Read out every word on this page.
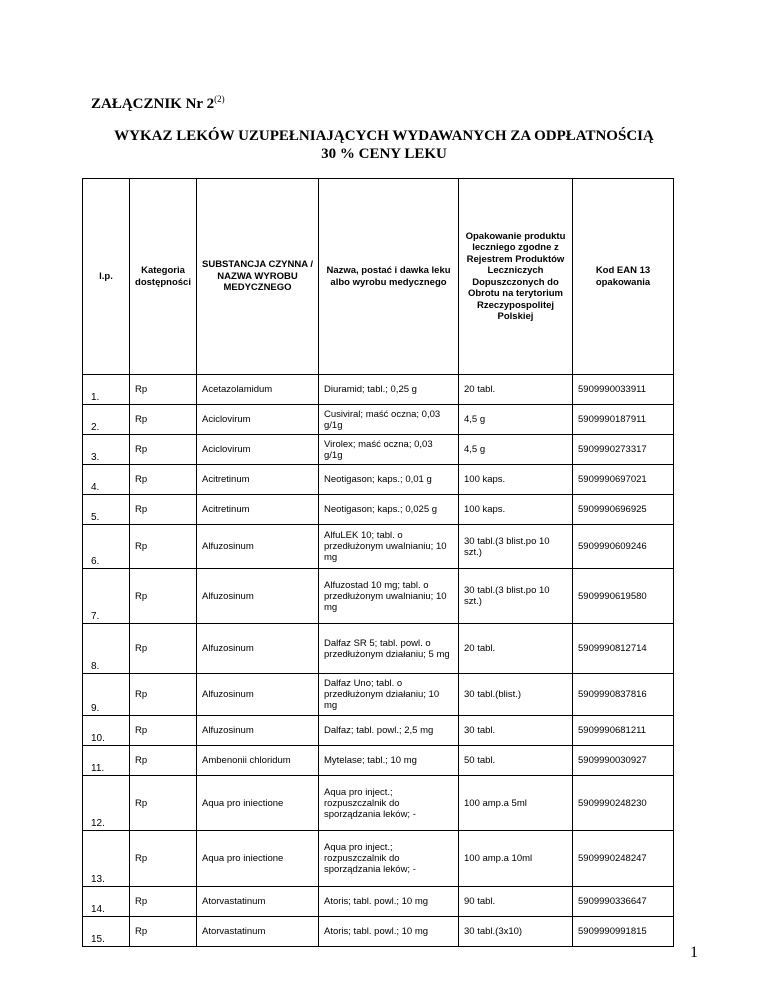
ZAŁĄCZNIK Nr 2$^{(2)}$
WYKAZ LEKÓW UZUPEŁNIAJĄCYCH WYDAWANYCH ZA ODPŁATNOŚCIĄ
30 % CENY LEKU
l.p.	Kategoria dostępności	SUBSTANCJA CZYNNA / NAZWA WYROBU MEDYCZNEGO	Nazwa, postać i dawka leku albo wyrobu medycznego	Opakowanie produktu leczniego zgodne z Rejestrem Produktów Leczniczych Dopuszczonych do Obrotu na terytorium Rzeczypospolitej Polskiej	Kod EAN 13 opakowania
1.	Rp	Acetazolamidum	Diuramid; tabl.; 0,25 g	20 tabl.	5909990033911
2.	Rp	Aciclovirum	Cusiviral; maść oczna; 0,03 g/1g	4,5 g	5909990187911
3.	Rp	Aciclovirum	Virolex; maść oczna; 0,03 g/1g	4,5 g	5909990273317
4.	Rp	Acitretinum	Neotigason; kaps.; 0,01 g	100 kaps.	5909990697021
5.	Rp	Acitretinum	Neotigason; kaps.; 0,025 g	100 kaps.	5909990696925
6.	Rp	Alfuzosinum	AlfuLEK 10; tabl. o przedłużonym uwalnianiu; 10 mg	30 tabl.(3 blist.po 10 szt.)	5909990609246
7.	Rp	Alfuzosinum	Alfuzostad 10 mg; tabl. o przedłużonym uwalnianiu; 10 mg	30 tabl.(3 blist.po 10 szt.)	5909990619580
8.	Rp	Alfuzosinum	Dalfaz SR 5; tabl. powl. o przedłużonym działaniu; 5 mg	20 tabl.	5909990812714
9.	Rp	Alfuzosinum	Dalfaz Uno; tabl. o przedłużonym działaniu; 10 mg	30 tabl.(blist.)	5909990837816
10.	Rp	Alfuzosinum	Dalfaz; tabl. powl.; 2,5 mg	30 tabl.	5909990681211
11.	Rp	Ambenonii chloridum	Mytelase; tabl.; 10 mg	50 tabl.	5909990030927
12.	Rp	Aqua pro iniectione	Aqua pro inject.; rozpuszczalnik do sporządzania leków; -	100 amp.a 5ml	5909990248230
13.	Rp	Aqua pro iniectione	Aqua pro inject.; rozpuszczalnik do sporządzania leków; -	100 amp.a 10ml	5909990248247
14.	Rp	Atorvastatinum	Atoris; tabl. powl.; 10 mg	90 tabl.	5909990336647
15.	Rp	Atorvastatinum	Atoris; tabl. powl.; 10 mg	30 tabl.(3x10)	5909990991815
1
